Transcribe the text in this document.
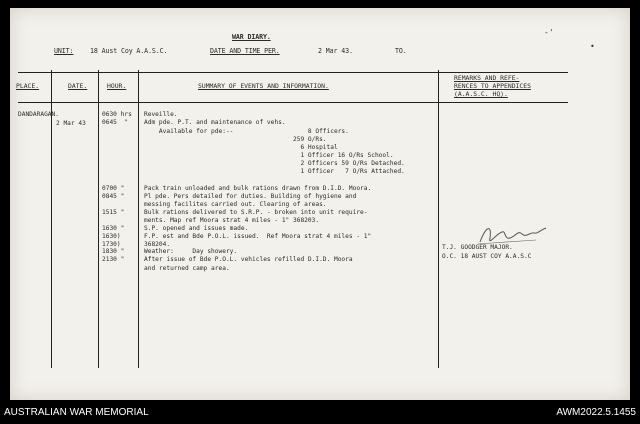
WAR DIARY.
UNIT:	18 Aust Coy A.A.S.C.	DATE AND TIME PER.	2 Mar 43.	TO.
-'
•
PLACE.	DATE.	HOUR.	SUMMARY OF EVENTS AND INFORMATION.
REMARKS AND REFE-
RENCES TO APPENDICES
(A.A.S.C. HQ).
DANDARAGAN.
2 Mar 43
0630 hrs Reveille.
0645  "	Adm pde. P.T. and maintenance of vehs.
Available for pde:--                    8 Officers.
259 O/Rs.
6 Hospital
1 Officer 16 O/Rs School.
2 Officers 59 O/Rs Detached.
1 Officer   7 O/Rs Attached.
0700 "	Pack train unloaded and bulk rations drawn from D.I.D. Moora.
0845 "	Pl pde. Pers detailed for duties. Building of hygiene and
messing facilites carried out. Clearing of areas.
1515 "	Bulk rations delivered to S.R.P. - broken into unit require-
ments. Map ref Moora strat 4 miles - 1" 368203.
1630 "	S.P. opened and issues made.
1630)	F.P. est and Bde P.O.L. issued.  Ref Moora strat 4 miles - 1"
1730)	368204.
1830 "	Weather:     Day showery.
2130 "	After issue of Bde P.O.L. vehicles refilled D.I.D. Moora
and returned camp area.
T.J. GOODGER MAJOR.
O.C. 18 AUST COY A.A.S.C
AUSTRALIAN WAR MEMORIAL	AWM2022.5.1455
